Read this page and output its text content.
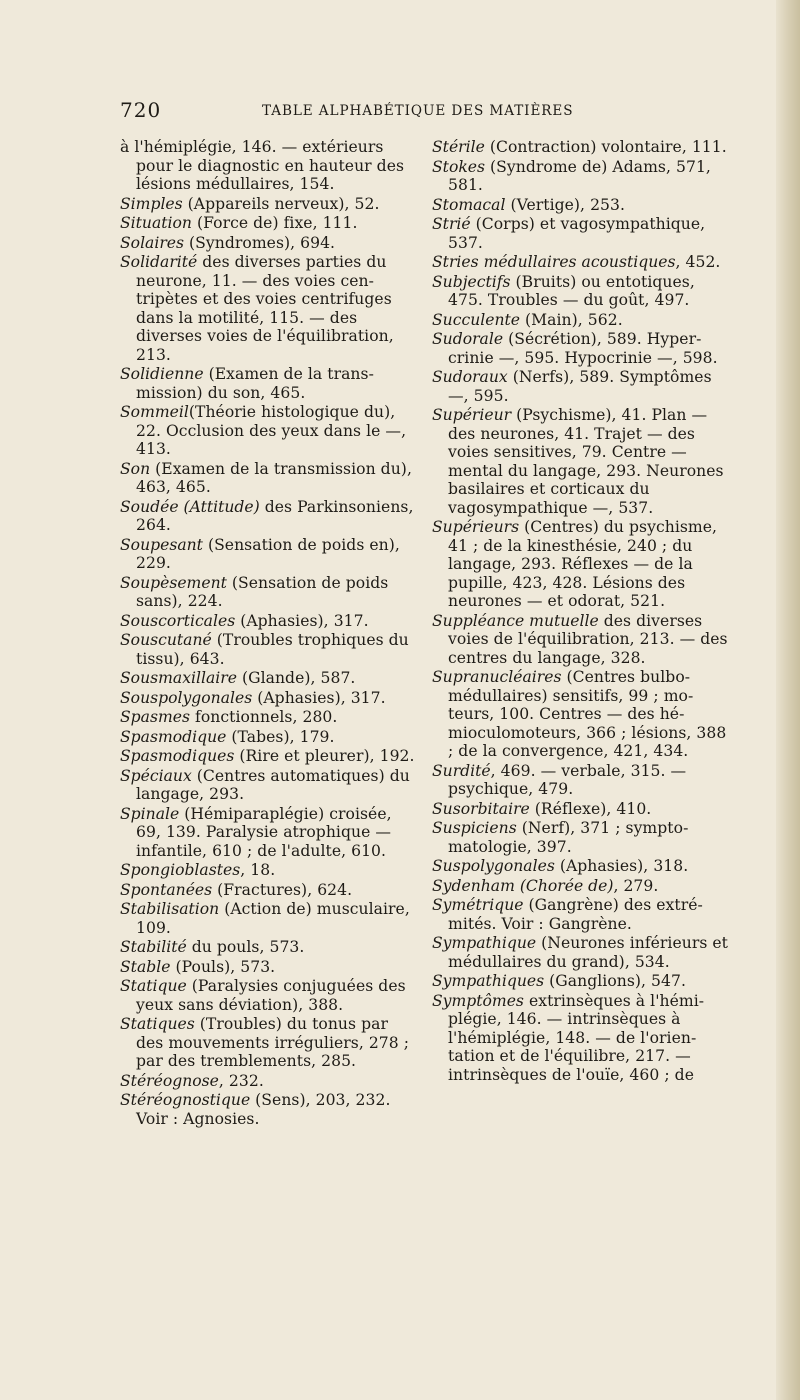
720	TABLE ALPHABÉTIQUE DES MATIÈRES

à l'hémiplégie, 146. — extérieurs pour le diagnostic en hauteur des lésions médullaires, 154.

Simples (Appareils nerveux), 52.

Situation (Force de) fixe, 111.

Solaires (Syndromes), 694.

Solidarité des diverses parties du neurone, 11. — des voies centripètes et des voies centrifuges dans la motilité, 115. — des diverses voies de l'équilibration, 213.

Solidienne (Examen de la transmission) du son, 465.

Sommeil(Théorie histologique du), 22. Occlusion des yeux dans le —, 413.

Son (Examen de la transmission du), 463, 465.

Soudée (Attitude) des Parkinsoniens, 264.

Soupesant (Sensation de poids en), 229.

Soupèsement (Sensation de poids sans), 224.

Souscorticales (Aphasies), 317.

Souscutané (Troubles trophiques du tissu), 643.

Sousmaxillaire (Glande), 587.

Souspolygonales (Aphasies), 317.

Spasmes fonctionnels, 280.

Spasmodique (Tabes), 179.

Spasmodiques (Rire et pleurer), 192.

Spéciaux (Centres automatiques) du langage, 293.

Spinale (Hémiparaplégie) croisée, 69, 139. Paralysie atrophique — infantile, 610 ; de l'adulte, 610.

Spongioblastes, 18.

Spontanées (Fractures), 624.

Stabilisation (Action de) musculaire, 109.

Stabilité du pouls, 573.

Stable (Pouls), 573.

Statique (Paralysies conjuguées des yeux sans déviation), 388.

Statiques (Troubles) du tonus par des mouvements irréguliers, 278 ; par des tremblements, 285.

Stéréognose, 232.

Stéréognostique (Sens), 203, 232. Voir : Agnosies.

Stérile (Contraction) volontaire, 111.

Stokes (Syndrome de) Adams, 571, 581.

Stomacal (Vertige), 253.

Strié (Corps) et vagosympathique, 537.

Stries médullaires acoustiques, 452.

Subjectifs (Bruits) ou entotiques, 475. Troubles — du goût, 497.

Succulente (Main), 562.

Sudorale (Sécrétion), 589. Hypercrinie —, 595. Hypocrinie —, 598.

Sudoraux (Nerfs), 589. Symptômes —, 595.

Supérieur (Psychisme), 41. Plan — des neurones, 41. Trajet — des voies sensitives, 79. Centre — mental du langage, 293. Neurones basilaires et corticaux du vagosympathique —, 537.

Supérieurs (Centres) du psychisme, 41 ; de la kinesthésie, 240 ; du langage, 293. Réflexes — de la pupille, 423, 428. Lésions des neurones — et odorat, 521.

Suppléance mutuelle des diverses voies de l'équilibration, 213. — des centres du langage, 328.

Supranucléaires (Centres bulbo-médullaires) sensitifs, 99 ; moteurs, 100. Centres — des hémioculomoteurs, 366 ; lésions, 388 ; de la convergence, 421, 434.

Surdité, 469. — verbale, 315. — psychique, 479.

Susorbitaire (Réflexe), 410.

Suspiciens (Nerf), 371 ; symptomatologie, 397.

Suspolygonales (Aphasies), 318.

Sydenham (Chorée de), 279.

Symétrique (Gangrène) des extrémités. Voir : Gangrène.

Sympathique (Neurones inférieurs et médullaires du grand), 534.

Sympathiques (Ganglions), 547.

Symptômes extrinsèques à l'hémiplégie, 146. — intrinsèques à l'hémiplégie, 148. — de l'orientation et de l'équilibre, 217. — intrinsèques de l'ouïe, 460 ; de
